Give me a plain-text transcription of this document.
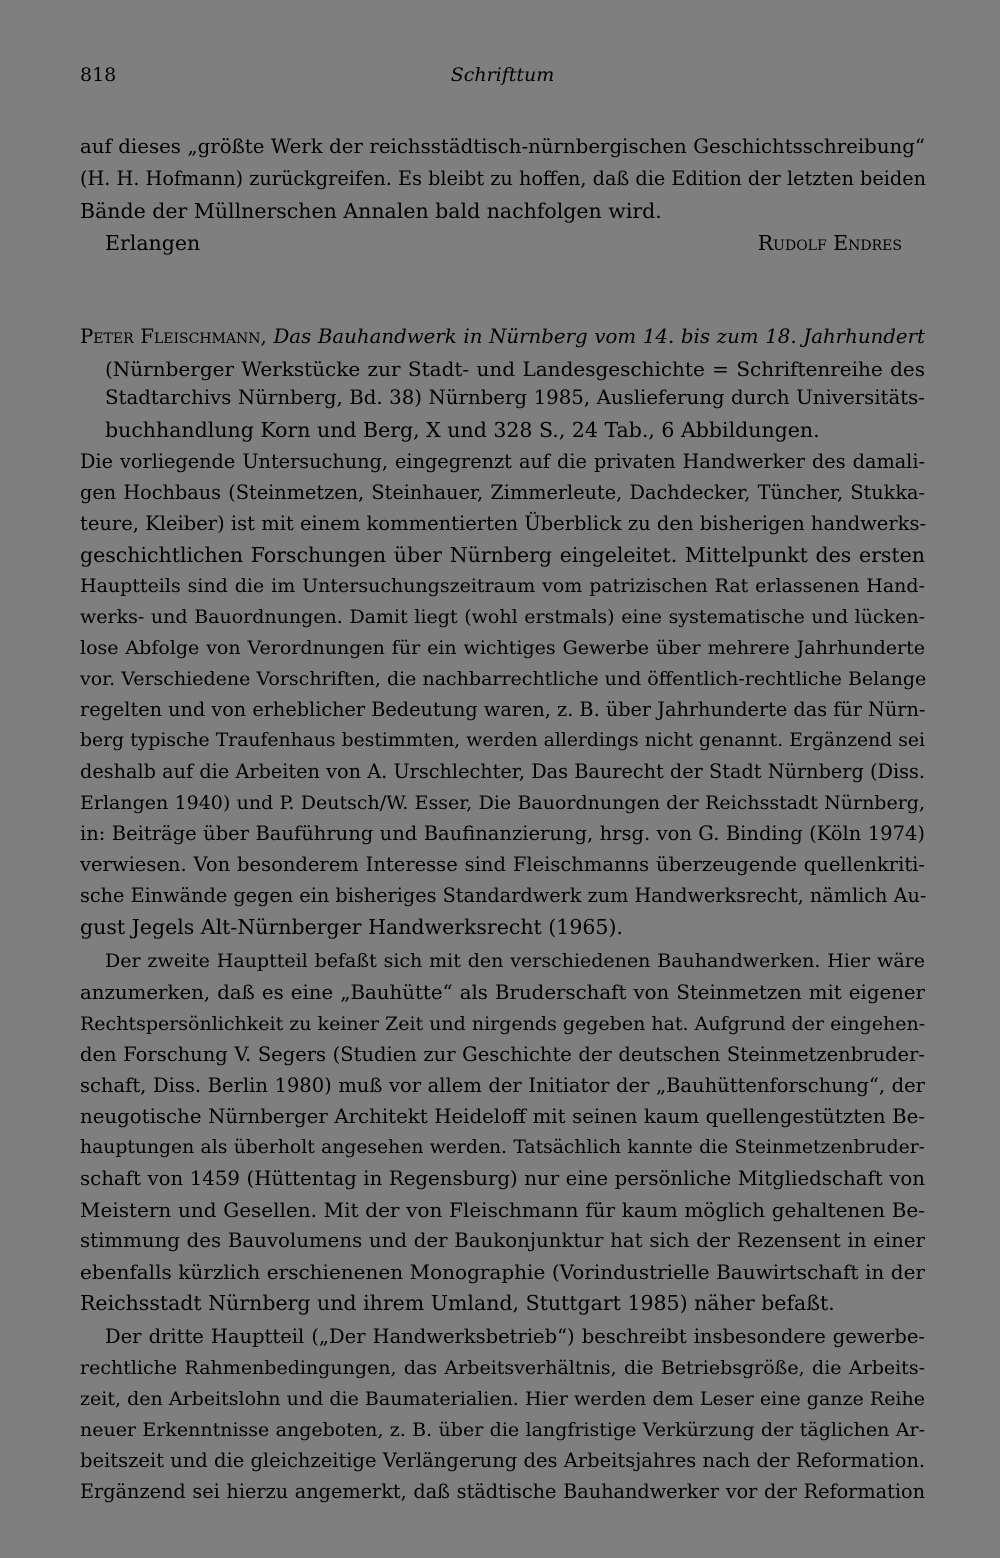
818	Schrifttum
auf dieses „größte Werk der reichsstädtisch-nürnbergischen Geschichtsschreibung“
(H. H. Hofmann) zurückgreifen. Es bleibt zu hoffen, daß die Edition der letzten beiden
Bände der Müllnerschen Annalen bald nachfolgen wird.
Erlangen	Rudolf Endres
Peter Fleischmann, Das Bauhandwerk in Nürnberg vom 14. bis zum 18. Jahrhundert
(Nürnberger Werkstücke zur Stadt- und Landesgeschichte = Schriftenreihe des
Stadtarchivs Nürnberg, Bd. 38) Nürnberg 1985, Auslieferung durch Universitäts-
buchhandlung Korn und Berg, X und 328 S., 24 Tab., 6 Abbildungen.
Die vorliegende Untersuchung, eingegrenzt auf die privaten Handwerker des damali-
gen Hochbaus (Steinmetzen, Steinhauer, Zimmerleute, Dachdecker, Tüncher, Stukka-
teure, Kleiber) ist mit einem kommentierten Überblick zu den bisherigen handwerks-
geschichtlichen Forschungen über Nürnberg eingeleitet. Mittelpunkt des ersten
Hauptteils sind die im Untersuchungszeitraum vom patrizischen Rat erlassenen Hand-
werks- und Bauordnungen. Damit liegt (wohl erstmals) eine systematische und lücken-
lose Abfolge von Verordnungen für ein wichtiges Gewerbe über mehrere Jahrhunderte
vor. Verschiedene Vorschriften, die nachbarrechtliche und öffentlich-rechtliche Belange
regelten und von erheblicher Bedeutung waren, z. B. über Jahrhunderte das für Nürn-
berg typische Traufenhaus bestimmten, werden allerdings nicht genannt. Ergänzend sei
deshalb auf die Arbeiten von A. Urschlechter, Das Baurecht der Stadt Nürnberg (Diss.
Erlangen 1940) und P. Deutsch/W. Esser, Die Bauordnungen der Reichsstadt Nürnberg,
in: Beiträge über Bauführung und Baufinanzierung, hrsg. von G. Binding (Köln 1974)
verwiesen. Von besonderem Interesse sind Fleischmanns überzeugende quellenkriti-
sche Einwände gegen ein bisheriges Standardwerk zum Handwerksrecht, nämlich Au-
gust Jegels Alt-Nürnberger Handwerksrecht (1965).
Der zweite Hauptteil befaßt sich mit den verschiedenen Bauhandwerken. Hier wäre
anzumerken, daß es eine „Bauhütte“ als Bruderschaft von Steinmetzen mit eigener
Rechtspersönlichkeit zu keiner Zeit und nirgends gegeben hat. Aufgrund der eingehen-
den Forschung V. Segers (Studien zur Geschichte der deutschen Steinmetzenbruder-
schaft, Diss. Berlin 1980) muß vor allem der Initiator der „Bauhüttenforschung“, der
neugotische Nürnberger Architekt Heideloff mit seinen kaum quellengestützten Be-
hauptungen als überholt angesehen werden. Tatsächlich kannte die Steinmetzenbruder-
schaft von 1459 (Hüttentag in Regensburg) nur eine persönliche Mitgliedschaft von
Meistern und Gesellen. Mit der von Fleischmann für kaum möglich gehaltenen Be-
stimmung des Bauvolumens und der Baukonjunktur hat sich der Rezensent in einer
ebenfalls kürzlich erschienenen Monographie (Vorindustrielle Bauwirtschaft in der
Reichsstadt Nürnberg und ihrem Umland, Stuttgart 1985) näher befaßt.
Der dritte Hauptteil („Der Handwerksbetrieb“) beschreibt insbesondere gewerbe-
rechtliche Rahmenbedingungen, das Arbeitsverhältnis, die Betriebsgröße, die Arbeits-
zeit, den Arbeitslohn und die Baumaterialien. Hier werden dem Leser eine ganze Reihe
neuer Erkenntnisse angeboten, z. B. über die langfristige Verkürzung der täglichen Ar-
beitszeit und die gleichzeitige Verlängerung des Arbeitsjahres nach der Reformation.
Ergänzend sei hierzu angemerkt, daß städtische Bauhandwerker vor der Reformation
